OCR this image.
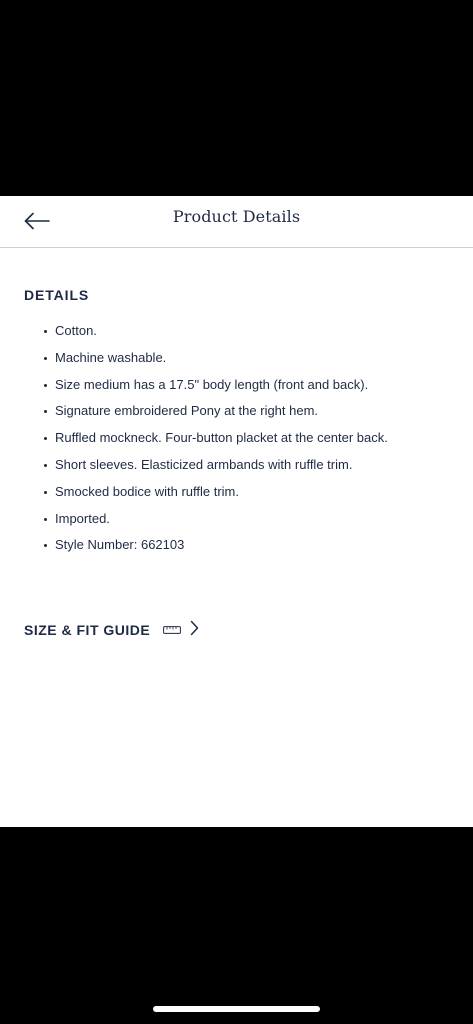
Product Details
DETAILS
Cotton.
Machine washable.
Size medium has a 17.5" body length (front and back).
Signature embroidered Pony at the right hem.
Ruffled mockneck. Four-button placket at the center back.
Short sleeves. Elasticized armbands with ruffle trim.
Smocked bodice with ruffle trim.
Imported.
Style Number: 662103
SIZE & FIT GUIDE
